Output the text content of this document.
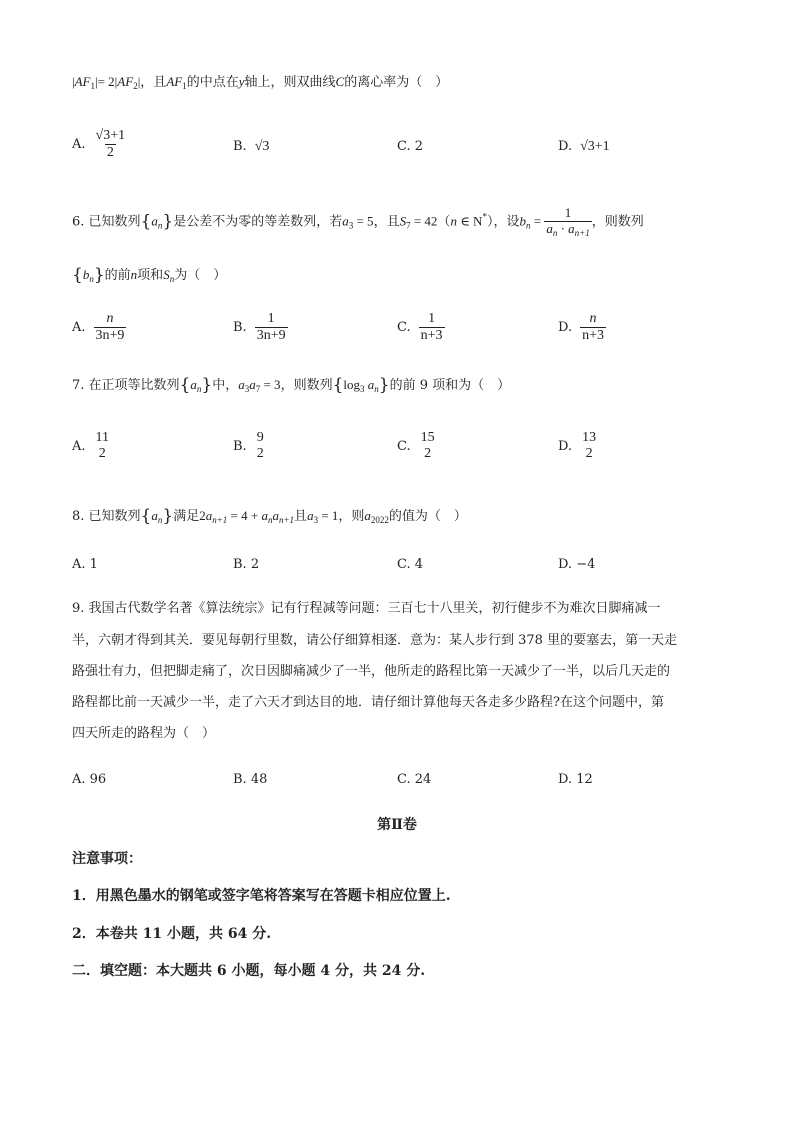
$|AF_1|= 2|AF_2|$，且$AF_1$的中点在y轴上，则双曲线C的离心率为（　）
A. $\frac{√3+1}{2}$	B. √3	C. 2	D. √3+1
6. 已知数列$\{a_n\}$是公差不为零的等差数列，若$a_3 = 5$，且$S_7 = 42(n$ ∈ N*），设$b_n = \frac{1}{a_n \cdot a_{n+1}}$ ，则数列
$\{b_n\}$的前n项和$S_n$为（　）
A. $\frac{n}{3n+9}$	B. $\frac{1}{3n+9}$	C. $\frac{1}{n+3}$	D. $\frac{n}{n+3}$
7. 在正项等比数列$\{a_n\}$中，$a_3a_7 = 3$，则数列{$\log_3$ $a_n$}的前 9 项和为（　）
A.
11
2	B.
9
2	C.
15
2	D.
13
2
8. 已知数列$\{a_n\}$满足$2a_{n+1} = 4 + a_na_{n+1}$且$a_3 = 1$，则$a_{2022}$的值为（　）
A. 1	B. 2	C. 4	D. −4
9. 我国古代数学名著《算法统宗》记有行程减等问题：三百七十八里关，初行健步不为难次日脚痛减一
半，六朝才得到其关．要见每朝行里数，请公仔细算相逐．意为：某人步行到 378 里的要塞去，第一天走
路强壮有力，但把脚走痛了，次日因脚痛减少了一半，他所走的路程比第一天减少了一半，以后几天走的
路程都比前一天减少一半，走了六天才到达目的地．请仔细计算他每天各走多少路程?在这个问题中，第
四天所走的路程为（　）
A. 96	B. 48	C. 24	D. 12
第Ⅱ卷
注意事项：
1．用黑色墨水的钢笔或签字笔将答案写在答题卡相应位置上.
2．本卷共 11 小题，共 64 分.
二．填空题：本大题共 6 小题，每小题 4 分，共 24 分.
